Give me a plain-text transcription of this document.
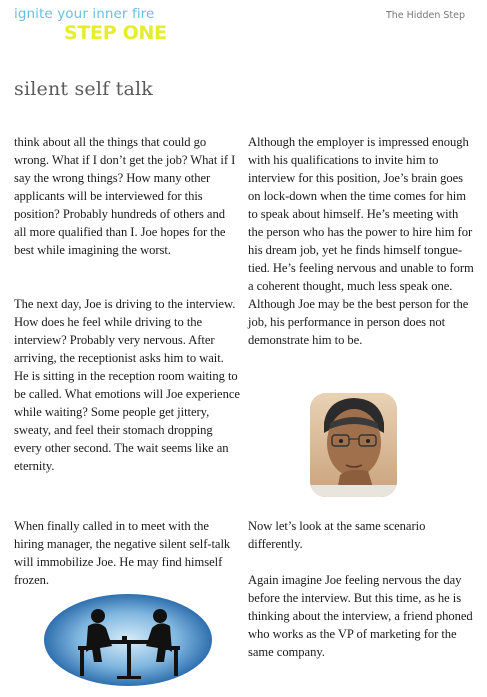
ignite your inner fire
STEP ONE
The Hidden Step
silent self talk

think about all the things that could go wrong. What if I don’t get the job? What if I say the wrong things? How many other applicants will be interviewed for this position? Probably hundreds of others and all more qualified than I. Joe hopes for the best while imagining the worst.

The next day, Joe is driving to the interview. How does he feel while driving to the interview? Probably very nervous. After arriving, the receptionist asks him to wait. He is sitting in the reception room waiting to be called. What emotions will Joe experience while waiting? Some people get jittery, sweaty, and feel their stomach dropping every other second. The wait seems like an eternity.

When finally called in to meet with the hiring manager, the negative silent self-talk will immobilize Joe. He may find himself frozen.

Although the employer is impressed enough with his qualifications to invite him to interview for this position, Joe’s brain goes on lock-down when the time comes for him to speak about himself. He’s meeting with the person who has the power to hire him for his dream job, yet he finds himself tongue-tied. He’s feeling nervous and unable to form a coherent thought, much less speak one. Although Joe may be the best person for the job, his performance in person does not demonstrate him to be.

Now let’s look at the same scenario differently.

Again imagine Joe feeling nervous the day before the interview. But this time, as he is thinking about the interview, a friend phoned who works as the VP of marketing for the same company.
